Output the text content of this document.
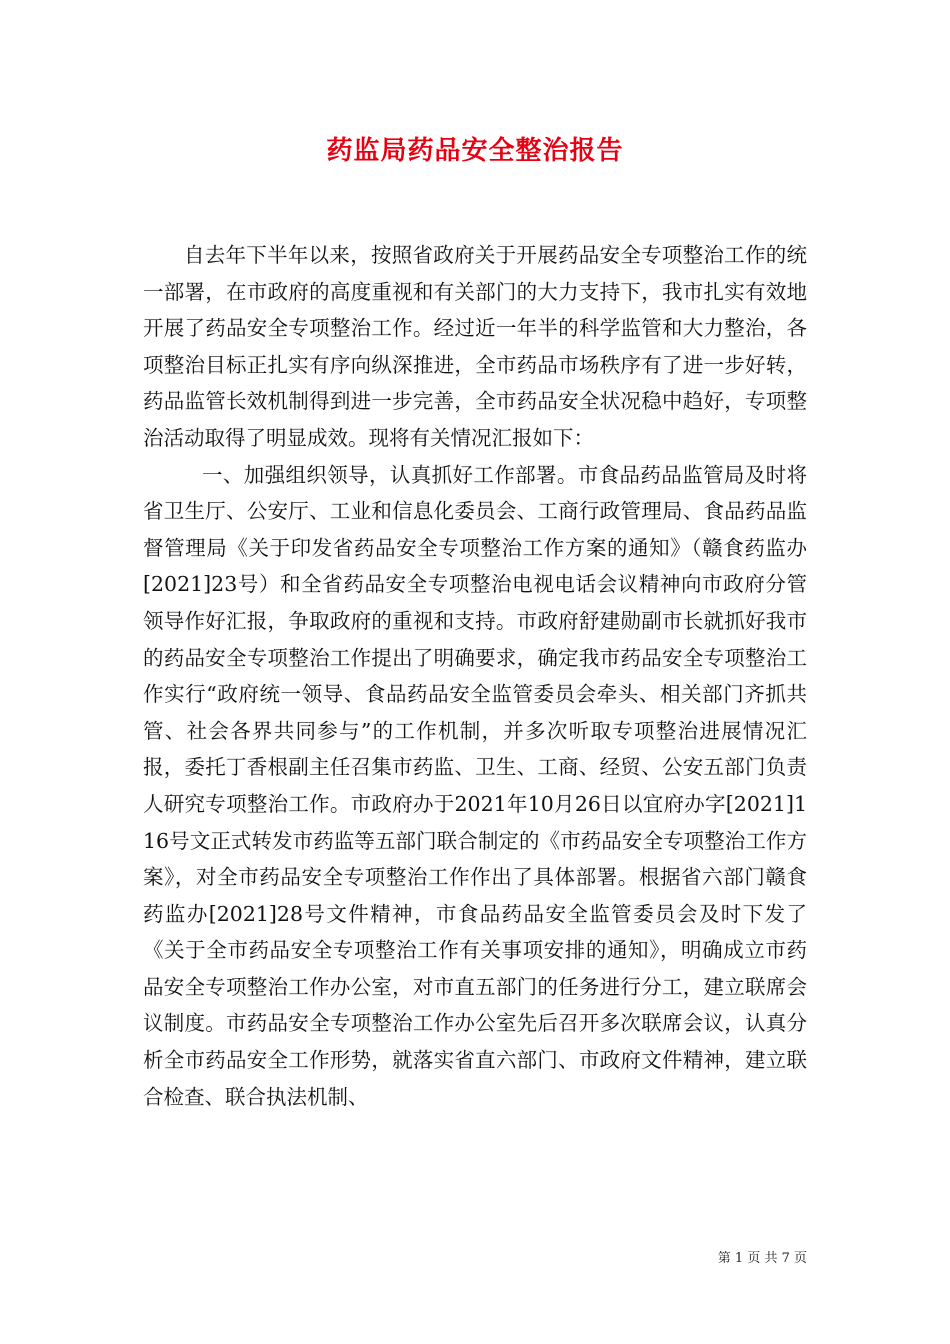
药监局药品安全整治报告

自去年下半年以来，按照省政府关于开展药品安全专项整治工作的统一部署，在市政府的高度重视和有关部门的大力支持下，我市扎实有效地开展了药品安全专项整治工作。经过近一年半的科学监管和大力整治，各项整治目标正扎实有序向纵深推进，全市药品市场秩序有了进一步好转，药品监管长效机制得到进一步完善，全市药品安全状况稳中趋好，专项整治活动取得了明显成效。现将有关情况汇报如下：

一、加强组织领导，认真抓好工作部署。市食品药品监管局及时将省卫生厅、公安厅、工业和信息化委员会、工商行政管理局、食品药品监督管理局《关于印发省药品安全专项整治工作方案的通知》（赣食药监办[2021]23号）和全省药品安全专项整治电视电话会议精神向市政府分管领导作好汇报，争取政府的重视和支持。市政府舒建勋副市长就抓好我市的药品安全专项整治工作提出了明确要求，确定我市药品安全专项整治工作实行“政府统一领导、食品药品安全监管委员会牵头、相关部门齐抓共管、社会各界共同参与”的工作机制，并多次听取专项整治进展情况汇报，委托丁香根副主任召集市药监、卫生、工商、经贸、公安五部门负责人研究专项整治工作。市政府办于2021年10月26日以宜府办字[2021]116号文正式转发市药监等五部门联合制定的《市药品安全专项整治工作方案》，对全市药品安全专项整治工作作出了具体部署。根据省六部门赣食药监办[2021]28号文件精神，市食品药品安全监管委员会及时下发了《关于全市药品安全专项整治工作有关事项安排的通知》，明确成立市药品安全专项整治工作办公室，对市直五部门的任务进行分工，建立联席会议制度。市药品安全专项整治工作办公室先后召开多次联席会议，认真分析全市药品安全工作形势，就落实省直六部门、市政府文件精神，建立联合检查、联合执法机制、

第 1 页 共 7 页
